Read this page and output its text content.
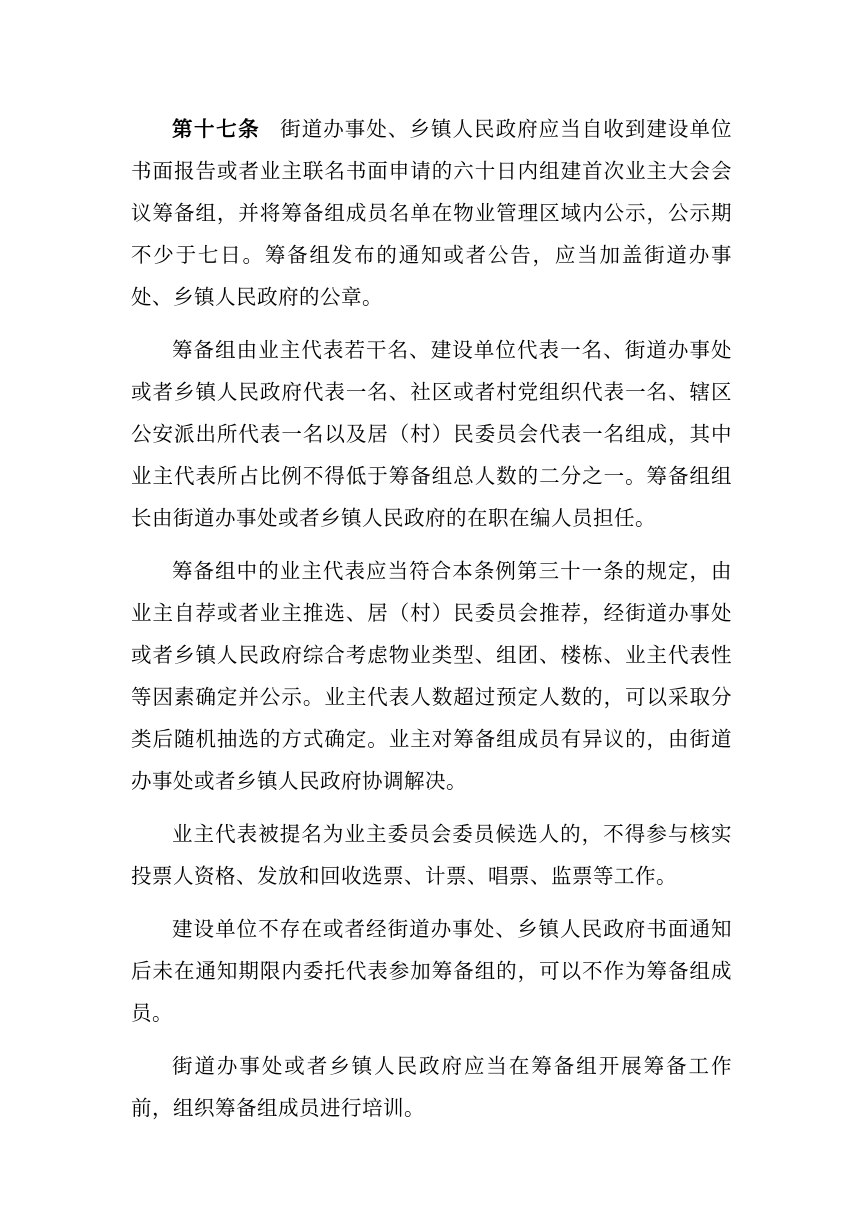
第十七条 街道办事处、乡镇人民政府应当自收到建设单位书面报告或者业主联名书面申请的六十日内组建首次业主大会会议筹备组，并将筹备组成员名单在物业管理区域内公示，公示期不少于七日。筹备组发布的通知或者公告，应当加盖街道办事处、乡镇人民政府的公章。

筹备组由业主代表若干名、建设单位代表一名、街道办事处或者乡镇人民政府代表一名、社区或者村党组织代表一名、辖区公安派出所代表一名以及居（村）民委员会代表一名组成，其中业主代表所占比例不得低于筹备组总人数的二分之一。筹备组组长由街道办事处或者乡镇人民政府的在职在编人员担任。

筹备组中的业主代表应当符合本条例第三十一条的规定，由业主自荐或者业主推选、居（村）民委员会推荐，经街道办事处或者乡镇人民政府综合考虑物业类型、组团、楼栋、业主代表性等因素确定并公示。业主代表人数超过预定人数的，可以采取分类后随机抽选的方式确定。业主对筹备组成员有异议的，由街道办事处或者乡镇人民政府协调解决。

业主代表被提名为业主委员会委员候选人的，不得参与核实投票人资格、发放和回收选票、计票、唱票、监票等工作。

建设单位不存在或者经街道办事处、乡镇人民政府书面通知后未在通知期限内委托代表参加筹备组的，可以不作为筹备组成员。

街道办事处或者乡镇人民政府应当在筹备组开展筹备工作前，组织筹备组成员进行培训。
